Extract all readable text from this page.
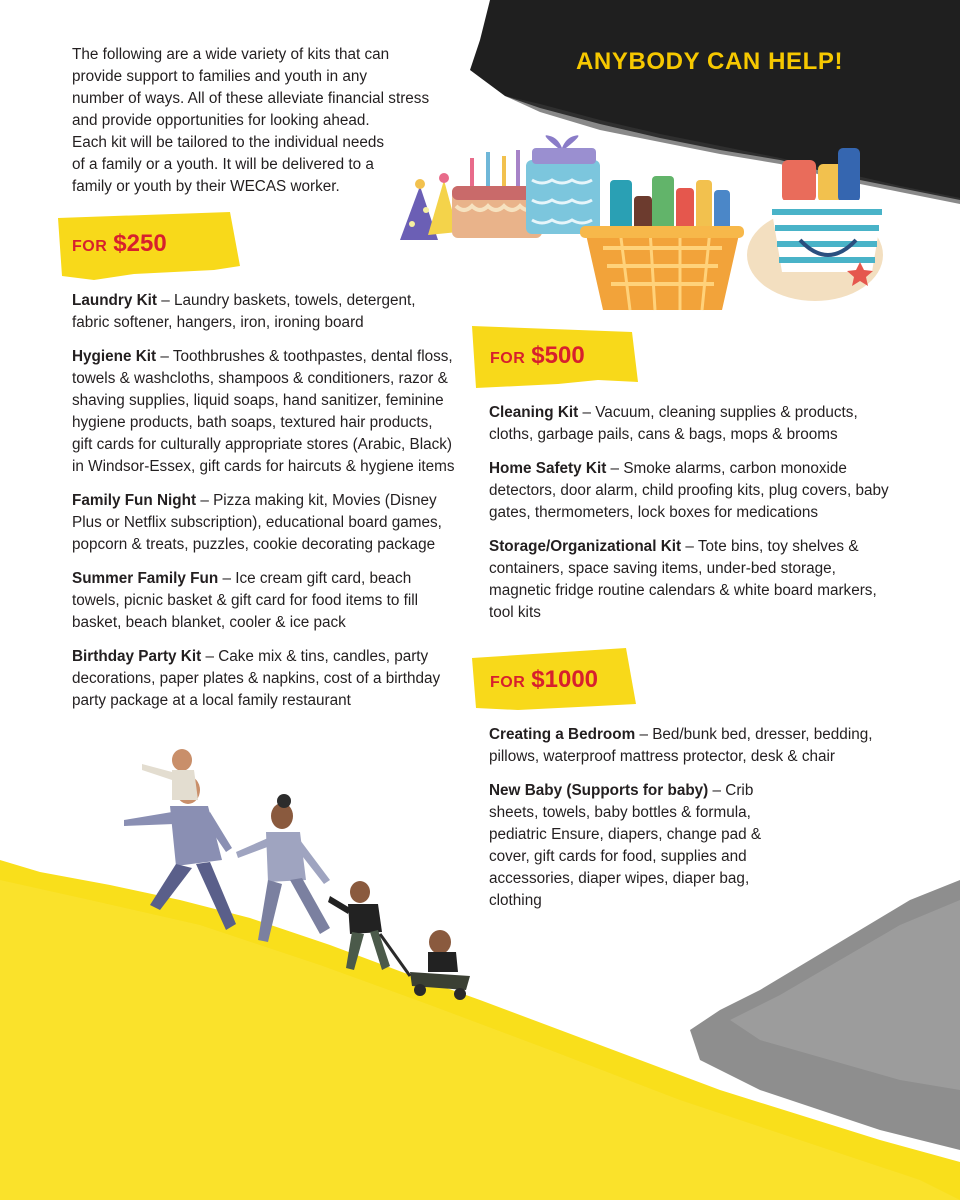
The following are a wide variety of kits that can
provide support to families and youth in any
number of ways. All of these alleviate financial stress
and provide opportunities for looking ahead.
Each kit will be tailored to the individual needs
of a family or a youth. It will be delivered to a
family or youth by their WECAS worker.
ANYBODY CAN HELP!
FOR $250
Laundry Kit – Laundry baskets, towels, detergent, fabric softener, hangers, iron, ironing board
Hygiene Kit – Toothbrushes & toothpastes, dental floss, towels & washcloths, shampoos & conditioners, razor & shaving supplies, liquid soaps, hand sanitizer, feminine hygiene products, bath soaps, textured hair products, gift cards for culturally appropriate stores (Arabic, Black) in Windsor-Essex, gift cards for haircuts & hygiene items
Family Fun Night – Pizza making kit, Movies (Disney Plus or Netflix subscription), educational board games, popcorn & treats, puzzles, cookie decorating package
Summer Family Fun – Ice cream gift card, beach towels, picnic basket & gift card for food items to fill basket, beach blanket, cooler & ice pack
Birthday Party Kit – Cake mix & tins, candles, party decorations, paper plates & napkins, cost of a birthday party package at a local family restaurant
FOR $500
Cleaning Kit – Vacuum, cleaning supplies & products, cloths, garbage pails, cans & bags, mops & brooms
Home Safety Kit – Smoke alarms, carbon monoxide detectors, door alarm, child proofing kits, plug covers, baby gates, thermometers, lock boxes for medications
Storage/Organizational Kit – Tote bins, toy shelves & containers, space saving items, under-bed storage, magnetic fridge routine calendars & white board markers, tool kits
FOR $1000
Creating a Bedroom – Bed/bunk bed, dresser, bedding, pillows, waterproof mattress protector, desk & chair
New Baby (Supports for baby) – Crib sheets, towels, baby bottles & formula, pediatric Ensure, diapers, change pad & cover, gift cards for food, supplies and accessories, diaper wipes, diaper bag, clothing
